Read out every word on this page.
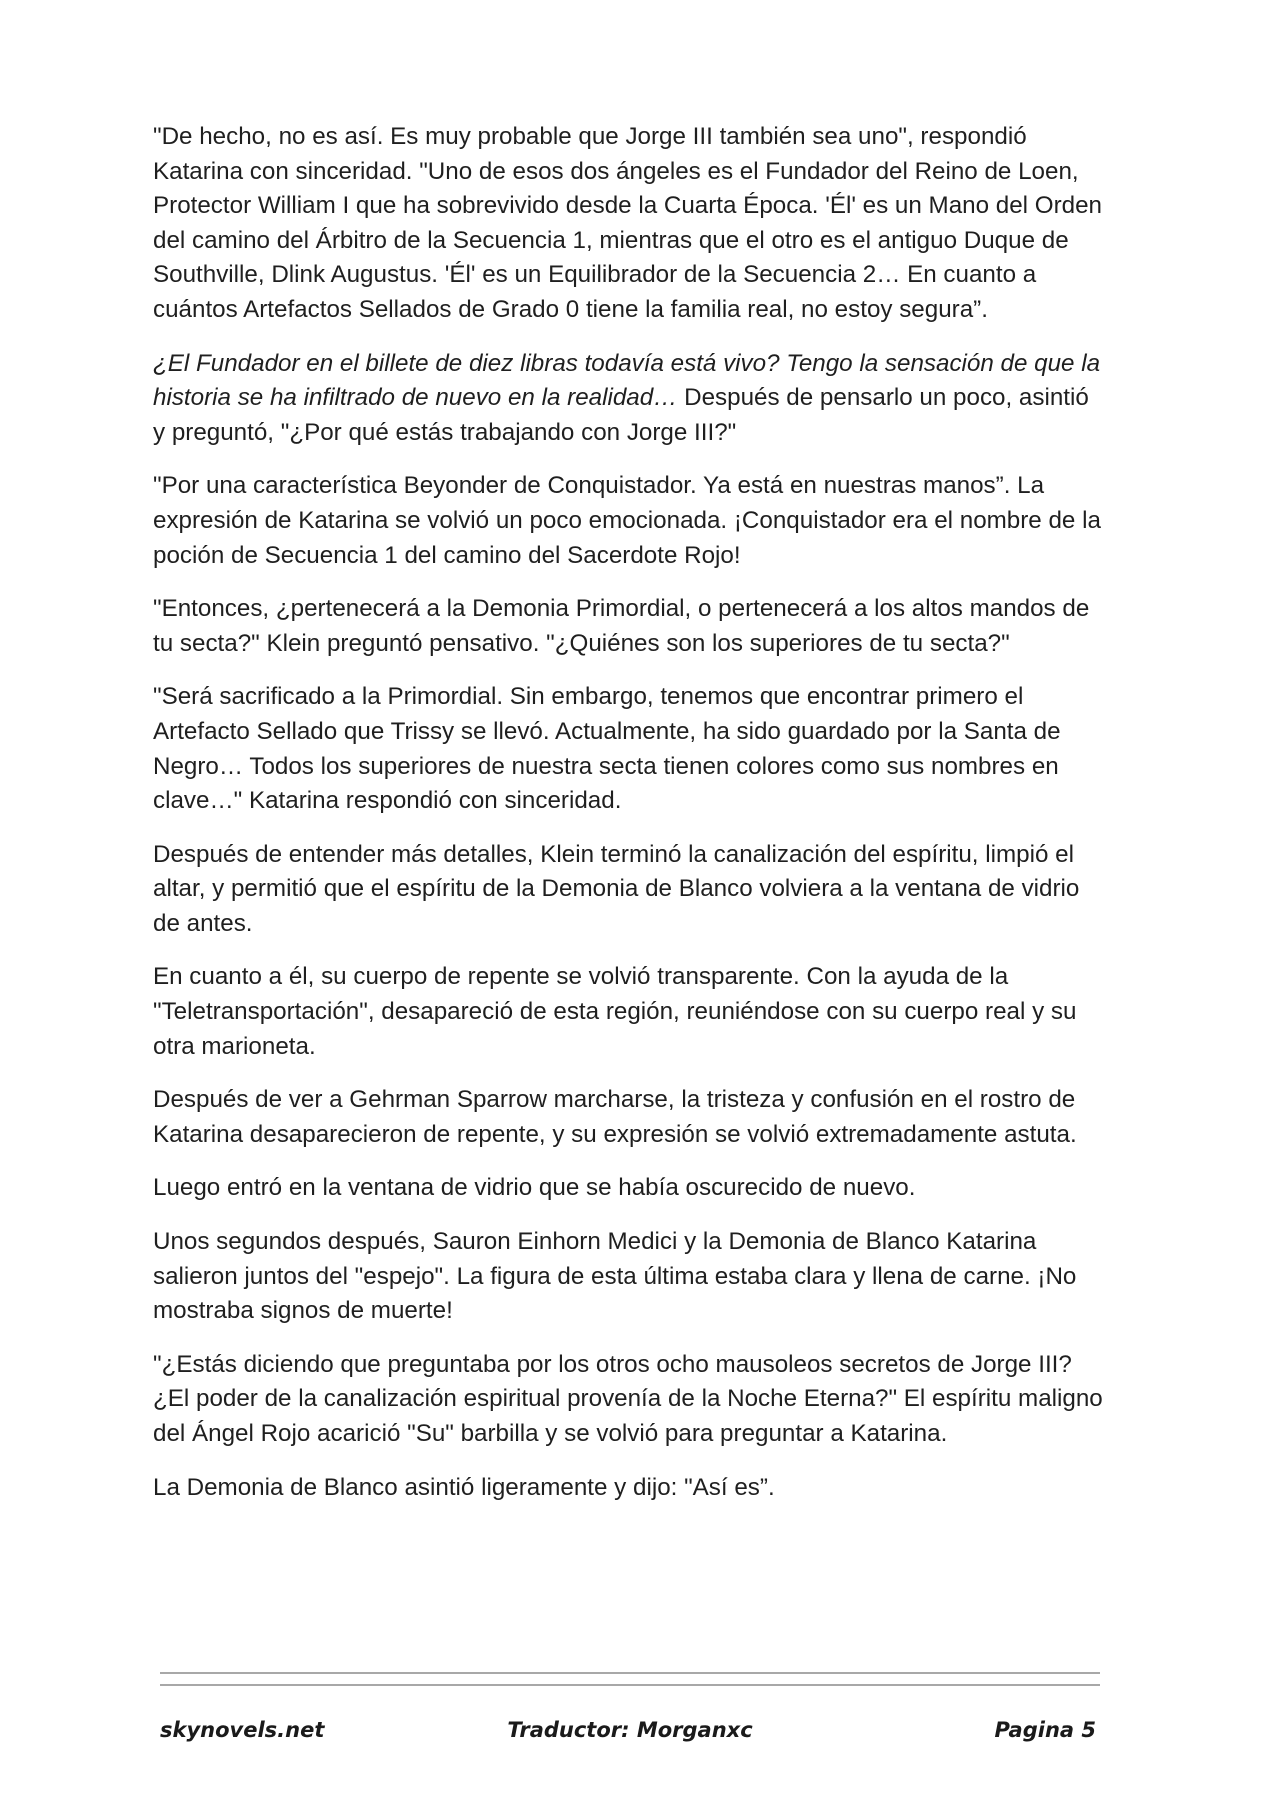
"De hecho, no es así. Es muy probable que Jorge III también sea uno", respondió Katarina con sinceridad. "Uno de esos dos ángeles es el Fundador del Reino de Loen, Protector William I que ha sobrevivido desde la Cuarta Época. 'Él' es un Mano del Orden del camino del Árbitro de la Secuencia 1, mientras que el otro es el antiguo Duque de Southville, Dlink Augustus. 'Él' es un Equilibrador de la Secuencia 2… En cuanto a cuántos Artefactos Sellados de Grado 0 tiene la familia real, no estoy segura”.

¿El Fundador en el billete de diez libras todavía está vivo? Tengo la sensación de que la historia se ha infiltrado de nuevo en la realidad… Después de pensarlo un poco, asintió y preguntó, "¿Por qué estás trabajando con Jorge III?"

"Por una característica Beyonder de Conquistador. Ya está en nuestras manos”. La expresión de Katarina se volvió un poco emocionada. ¡Conquistador era el nombre de la poción de Secuencia 1 del camino del Sacerdote Rojo!

"Entonces, ¿pertenecerá a la Demonia Primordial, o pertenecerá a los altos mandos de tu secta?" Klein preguntó pensativo. "¿Quiénes son los superiores de tu secta?"

"Será sacrificado a la Primordial. Sin embargo, tenemos que encontrar primero el Artefacto Sellado que Trissy se llevó. Actualmente, ha sido guardado por la Santa de Negro… Todos los superiores de nuestra secta tienen colores como sus nombres en clave…" Katarina respondió con sinceridad.

Después de entender más detalles, Klein terminó la canalización del espíritu, limpió el altar, y permitió que el espíritu de la Demonia de Blanco volviera a la ventana de vidrio de antes.

En cuanto a él, su cuerpo de repente se volvió transparente. Con la ayuda de la "Teletransportación", desapareció de esta región, reuniéndose con su cuerpo real y su otra marioneta.

Después de ver a Gehrman Sparrow marcharse, la tristeza y confusión en el rostro de Katarina desaparecieron de repente, y su expresión se volvió extremadamente astuta.

Luego entró en la ventana de vidrio que se había oscurecido de nuevo.

Unos segundos después, Sauron Einhorn Medici y la Demonia de Blanco Katarina salieron juntos del "espejo". La figura de esta última estaba clara y llena de carne. ¡No mostraba signos de muerte!

"¿Estás diciendo que preguntaba por los otros ocho mausoleos secretos de Jorge III? ¿El poder de la canalización espiritual provenía de la Noche Eterna?" El espíritu maligno del Ángel Rojo acarició "Su" barbilla y se volvió para preguntar a Katarina.

La Demonia de Blanco asintió ligeramente y dijo: "Así es”.

skynovels.net	Traductor: Morganxc	Pagina 5
